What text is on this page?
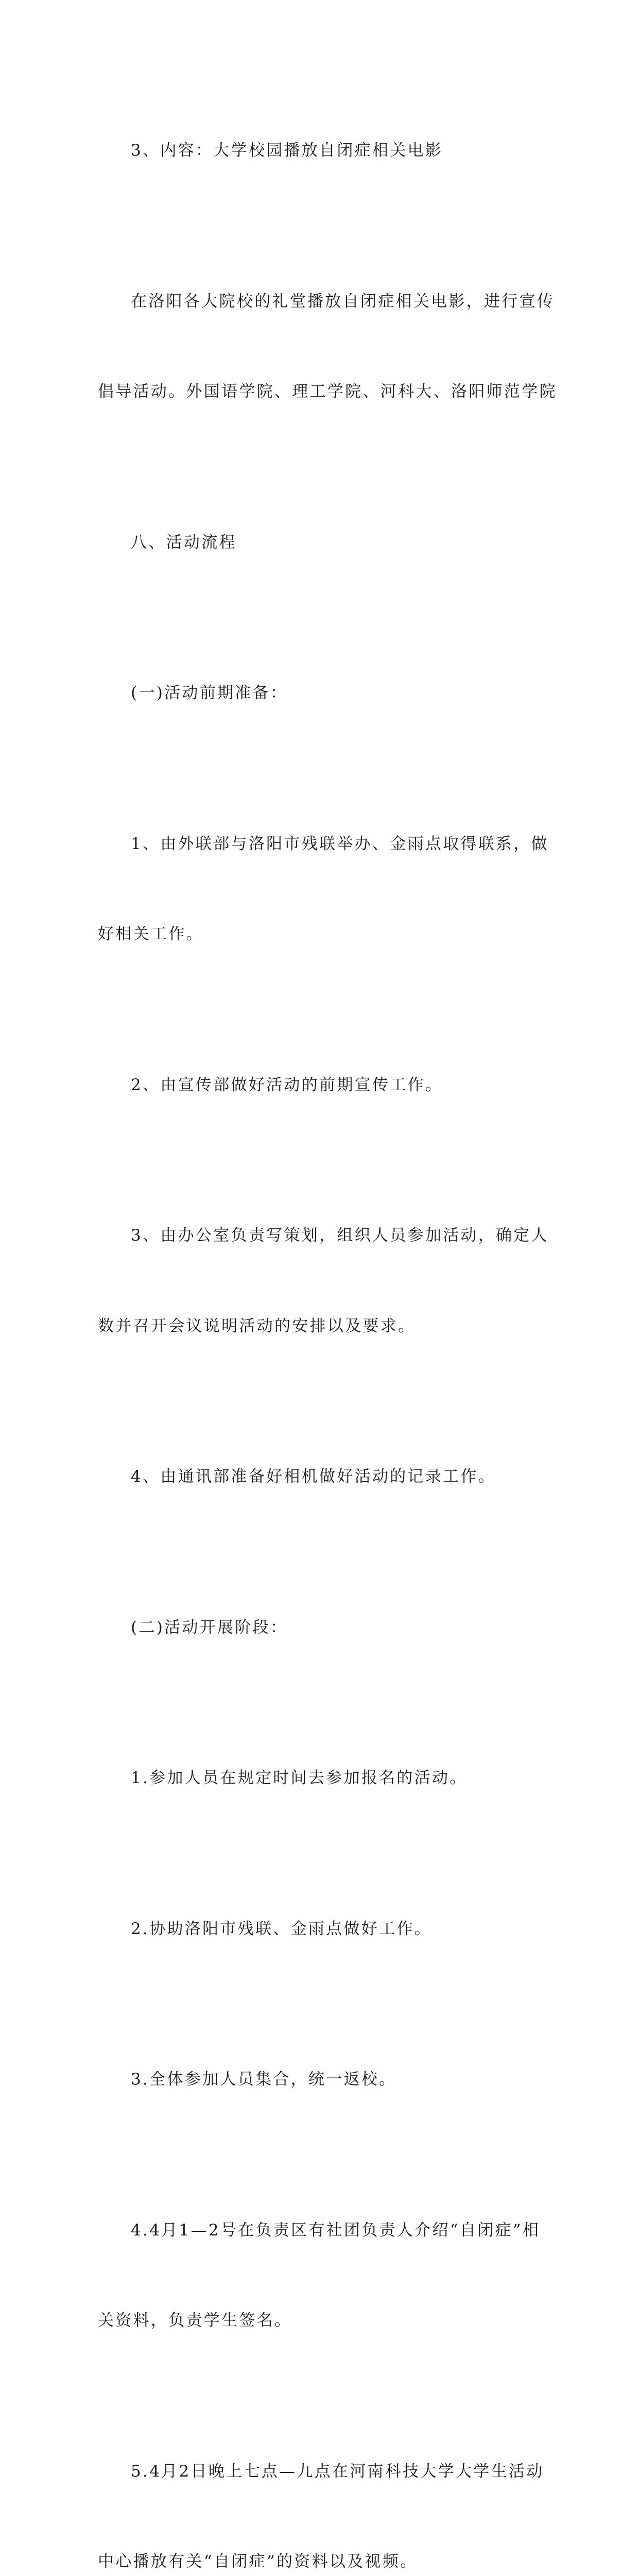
3、内容：大学校园播放自闭症相关电影

在洛阳各大院校的礼堂播放自闭症相关电影，进行宣传

倡导活动。外国语学院、理工学院、河科大、洛阳师范学院

八、活动流程

(一)活动前期准备：

1、由外联部与洛阳市残联举办、金雨点取得联系，做

好相关工作。

2、由宣传部做好活动的前期宣传工作。

3、由办公室负责写策划，组织人员参加活动，确定人

数并召开会议说明活动的安排以及要求。

4、由通讯部准备好相机做好活动的记录工作。

(二)活动开展阶段：

1.参加人员在规定时间去参加报名的活动。

2.协助洛阳市残联、金雨点做好工作。

3.全体参加人员集合，统一返校。

4.4月1—2号在负责区有社团负责人介绍“自闭症”相

关资料，负责学生签名。

5.4月2日晚上七点—九点在河南科技大学大学生活动

中心播放有关“自闭症”的资料以及视频。
